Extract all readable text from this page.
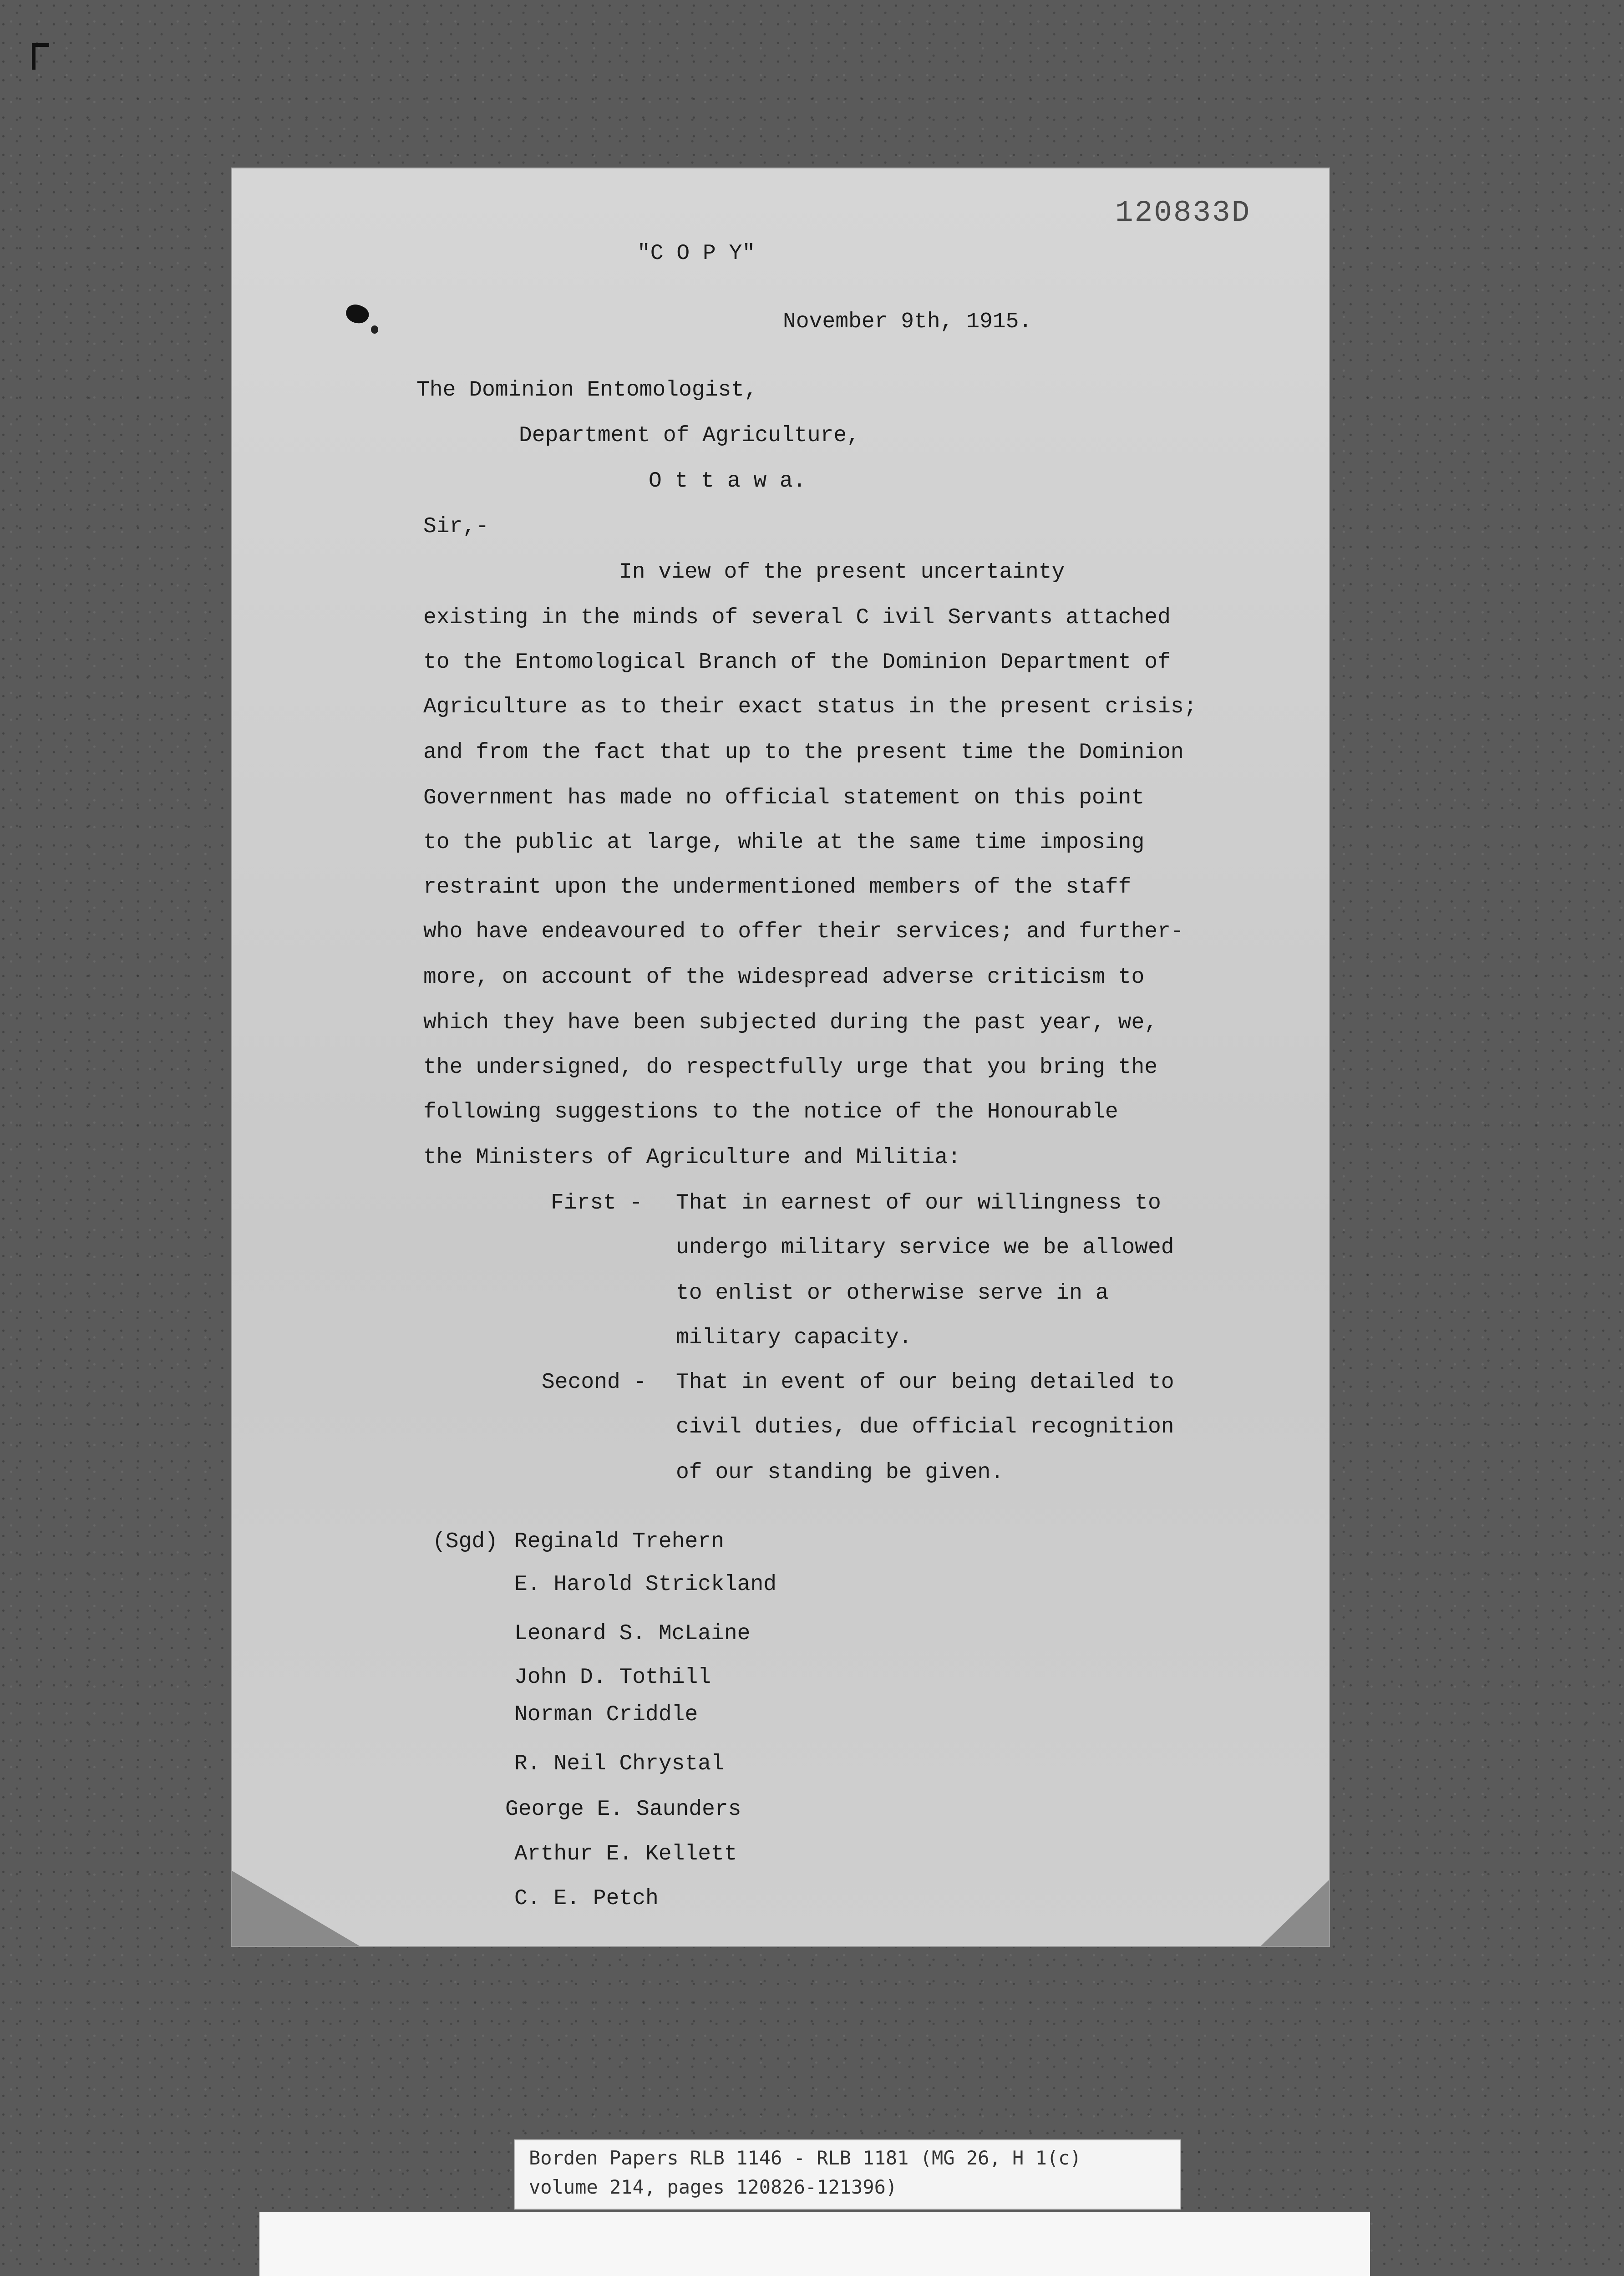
120833D
"C O P Y"
November 9th, 1915.
The Dominion Entomologist,
Department of Agriculture,
O t t a w a.
Sir,-
In view of the present uncertainty
existing in the minds of several C ivil Servants attached
to the Entomological Branch of the Dominion Department of
Agriculture as to their exact status in the present crisis;
and from the fact that up to the present time the Dominion
Government has made no official statement on this point
to the public at large, while at the same time imposing
restraint upon the undermentioned members of the staff
who have endeavoured to offer their services; and further-
more, on account of the widespread adverse criticism to
which they have been subjected during the past year, we,
the undersigned, do respectfully urge that you bring the
following suggestions to the notice of the Honourable
the Ministers of Agriculture and Militia:
First - That in earnest of our willingness to
undergo military service we be allowed
to enlist or otherwise serve in a
military capacity.
Second - That in event of our being detailed to
civil duties, due official recognition
of our standing be given.
(Sgd) Reginald Trehern
E. Harold Strickland
Leonard S. McLaine
John D. Tothill
Norman Criddle
R. Neil Chrystal
George E. Saunders
Arthur E. Kellett
C. E. Petch
Borden Papers RLB 1146 - RLB 1181 (MG 26, H 1(c)
volume 214, pages 120826-121396)
